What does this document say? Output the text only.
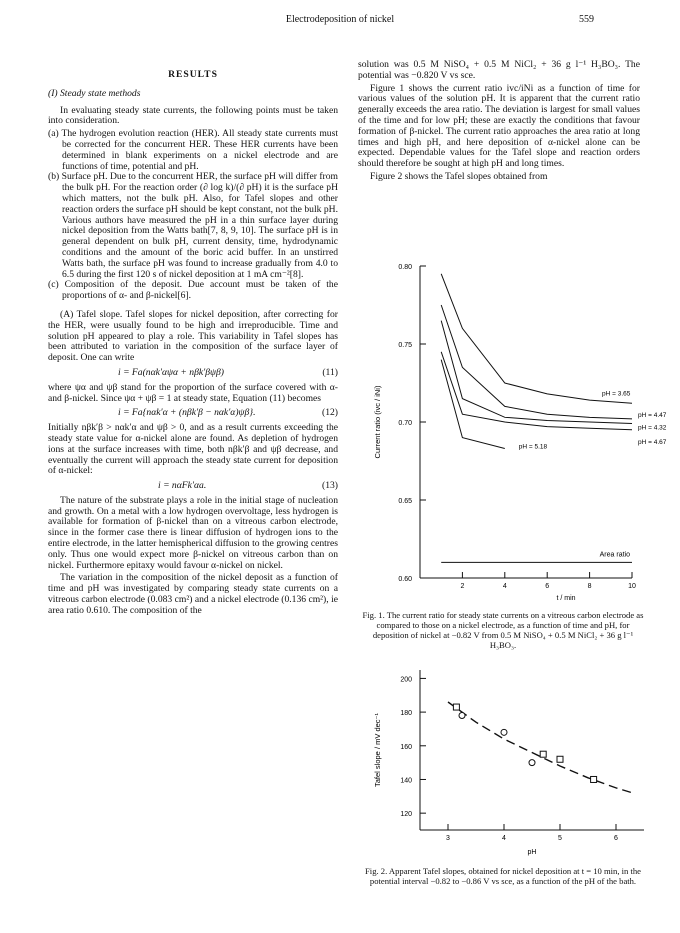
Electrodeposition of nickel	559

RESULTS

(I) Steady state methods

In evaluating steady state currents, the following points must be taken into consideration.

(a) The hydrogen evolution reaction (HER). All steady state currents must be corrected for the concurrent HER. These HER currents have been determined in blank experiments on a nickel electrode and are functions of time, potential and pH.

(b) Surface pH. Due to the concurrent HER, the surface pH will differ from the bulk pH. For the reaction order (∂ log k)/(∂ pH) it is the surface pH which matters, not the bulk pH. Also, for Tafel slopes and other reaction orders the surface pH should be kept constant, not the bulk pH. Various authors have measured the pH in a thin surface layer during nickel deposition from the Watts bath[7, 8, 9, 10]. The surface pH is in general dependent on bulk pH, current density, time, hydrodynamic conditions and the amount of the boric acid buffer. In an unstirred Watts bath, the surface pH was found to increase gradually from 4.0 to 6.5 during the first 120 s of nickel deposition at 1 mA cm⁻²[8].

(c) Composition of the deposit. Due account must be taken of the proportions of α- and β-nickel[6].

(A) Tafel slope. Tafel slopes for nickel deposition, after correcting for the HER, were usually found to be high and irreproducible. Time and solution pH appeared to play a role. This variability in Tafel slopes has been attributed to variation in the composition of the surface layer of deposit. One can write

i = Fa(nαk′αψα + nβk′βψβ)	(11)

where ψα and ψβ stand for the proportion of the surface covered with α- and β-nickel. Since ψα + ψβ = 1 at steady state, Equation (11) becomes

i = Fa{nαk′α + (nβk′β − nαk′α)ψβ}.	(12)

Initially nβk′β > nαk′α and ψβ > 0, and as a result currents exceeding the steady state value for α-nickel alone are found. As depletion of hydrogen ions at the surface increases with time, both nβk′β and ψβ decrease, and eventually the current will approach the steady state current for deposition of α-nickel:

i = nαFk′αa.	(13)

The nature of the substrate plays a role in the initial stage of nucleation and growth. On a metal with a low hydrogen overvoltage, less hydrogen is available for formation of β-nickel than on a vitreous carbon electrode, since in the former case there is linear diffusion of hydrogen ions to the entire electrode, in the latter hemispherical diffusion to the growing centres only. Thus one would expect more β-nickel on vitreous carbon than on nickel. Furthermore epitaxy would favour α-nickel on nickel.

The variation in the composition of the nickel deposit as a function of time and pH was investigated by comparing steady state currents on a vitreous carbon electrode (0.083 cm²) and a nickel electrode (0.136 cm²), ie area ratio 0.610. The composition of the

solution was 0.5 M NiSO₄ + 0.5 M NiCl₂ + 36 g l⁻¹ H₃BO₃. The potential was −0.820 V vs sce.

Figure 1 shows the current ratio ivc/iNi as a function of time for various values of the solution pH. It is apparent that the current ratio generally exceeds the area ratio. The deviation is largest for small values of the time and for low pH; these are exactly the conditions that favour formation of β-nickel. The current ratio approaches the area ratio at long times and high pH, and here deposition of α-nickel alone can be expected. Dependable values for the Tafel slope and reaction orders should therefore be sought at high pH and long times.

Figure 2 shows the Tafel slopes obtained from

0.60
0.65
0.70
0.75
0.80
2	4	6	8	10
t / min
Current ratio (ivc / iNi)
Area ratio
pH = 3.65
pH = 4.47
pH = 4.32
pH = 4.67
pH = 5.18
Fig. 1. The current ratio for steady state currents on a vitreous carbon electrode as compared to those on a nickel electrode, as a function of time and pH, for deposition of nickel at −0.82 V from 0.5 M NiSO₄ + 0.5 M NiCl₂ + 36 g l⁻¹ H₃BO₃.
120
140
160
180
200
3	4	5	6
pH
Tafel slope / mV dec⁻¹
Fig. 2. Apparent Tafel slopes, obtained for nickel deposition at t = 10 min, in the potential interval −0.82 to −0.86 V vs sce, as a function of the pH of the bath.
